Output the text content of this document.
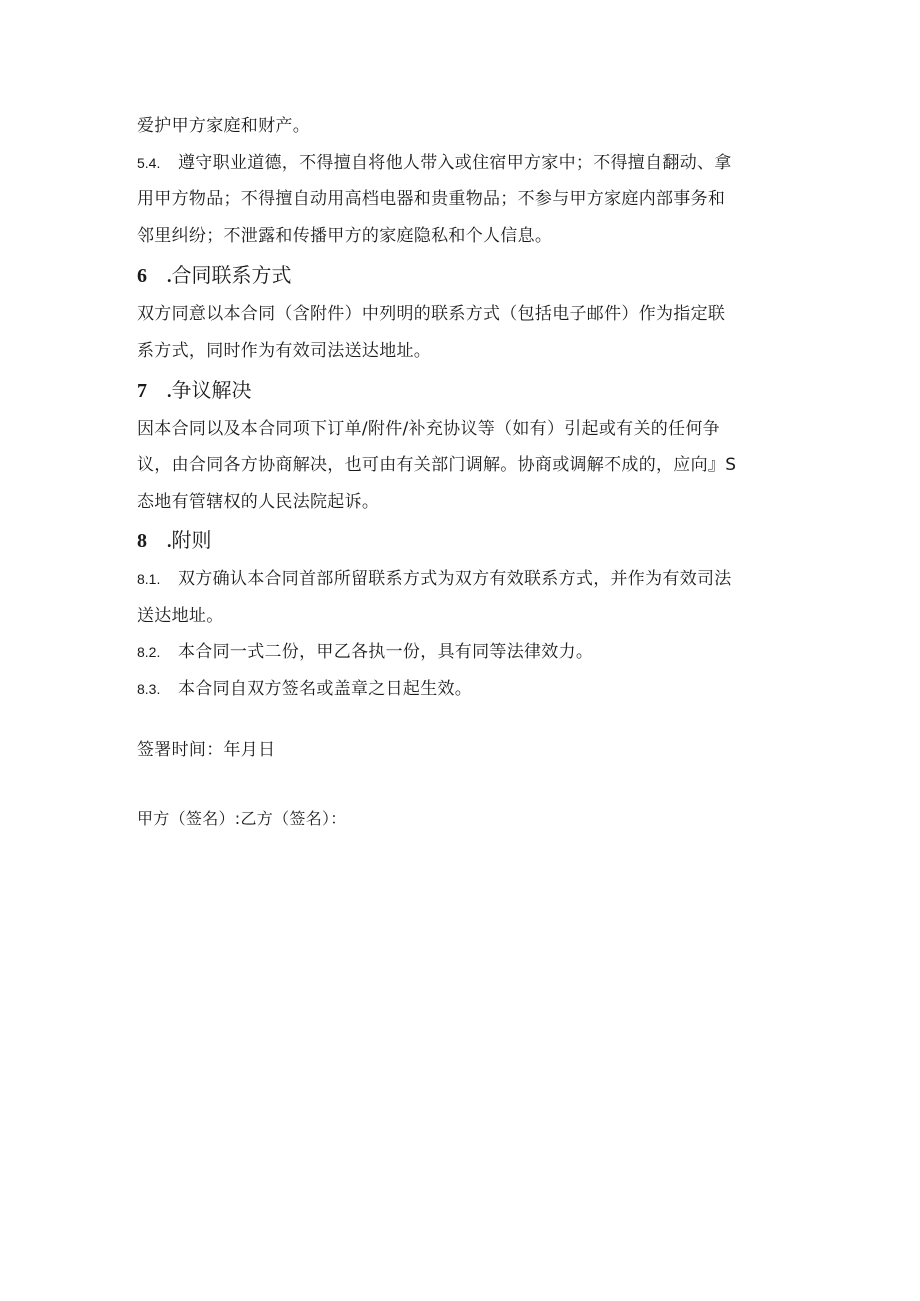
爱护甲方家庭和财产。
5.4. 遵守职业道德，不得擅自将他人带入或住宿甲方家中；不得擅自翻动、拿
用甲方物品；不得擅自动用高档电器和贵重物品；不参与甲方家庭内部事务和
邻里纠纷；不泄露和传播甲方的家庭隐私和个人信息。
6 .合同联系方式
双方同意以本合同（含附件）中列明的联系方式（包括电子邮件）作为指定联
系方式，同时作为有效司法送达地址。
7 .争议解决
因本合同以及本合同项下订单/附件/补充协议等（如有）引起或有关的任何争
议，由合同各方协商解决，也可由有关部门调解。协商或调解不成的，应向』S
态地有管辖权的人民法院起诉。
8 .附则
8.1. 双方确认本合同首部所留联系方式为双方有效联系方式，并作为有效司法
送达地址。
8.2. 本合同一式二份，甲乙各执一份，具有同等法律效力。
8.3. 本合同自双方签名或盖章之日起生效。
签署时间：年月日
甲方（签名）:乙方（签名）：
